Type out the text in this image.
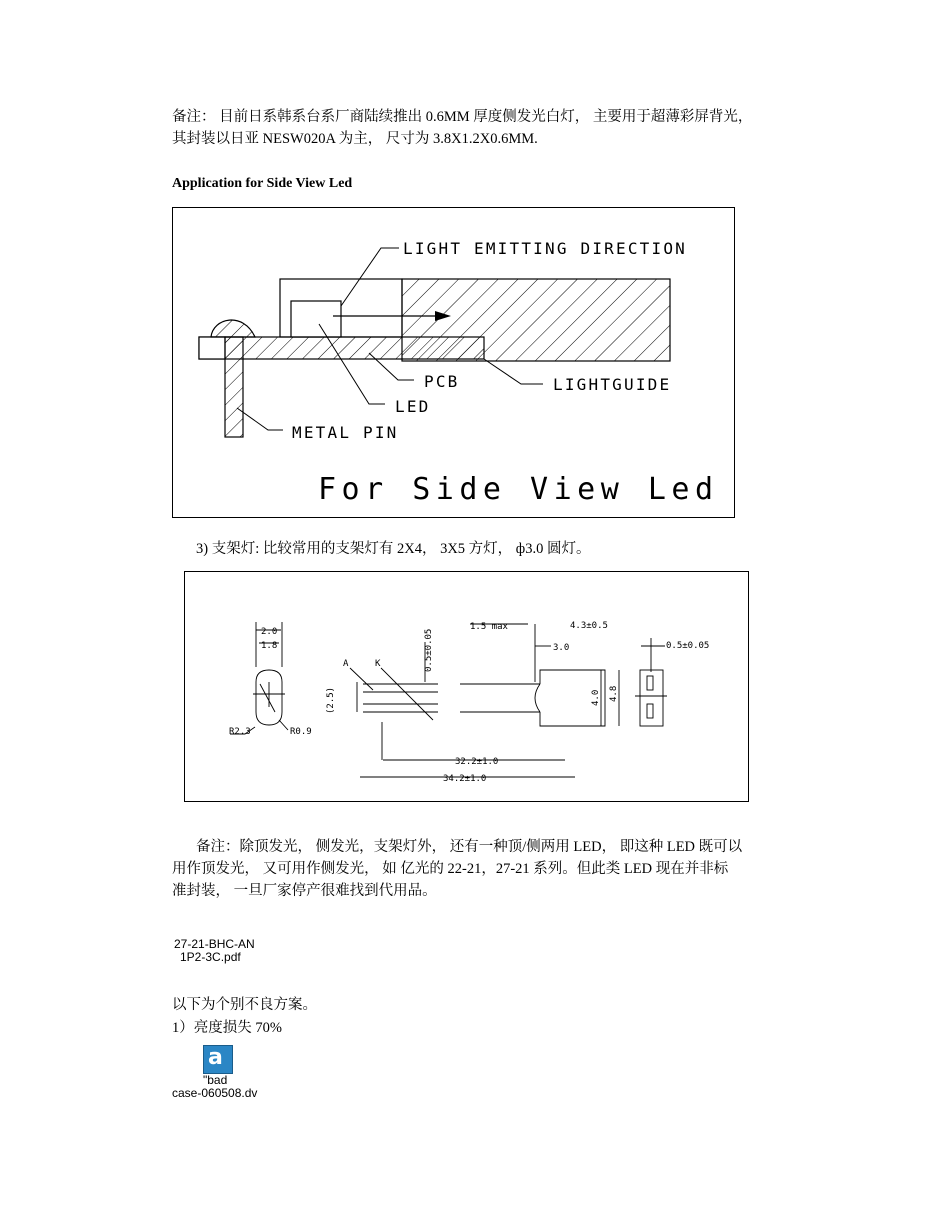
备注： 目前日系韩系台系厂商陆续推出 0.6MM 厚度侧发光白灯， 主要用于超薄彩屏背光，
其封装以日亚 NESW020A 为主， 尺寸为 3.8X1.2X0.6MM.
Application for Side View Led
LIGHT EMITTING DIRECTION
PCB	LIGHTGUIDE
LED
METAL PIN
For Side View Led
3) 支架灯: 比较常用的支架灯有 2X4， 3X5 方灯， ф3.0 圆灯。
2.0
1.8
R2.3	R0.9
A	K
(2.5)
0.5±0.05
1.5 max	4.3±0.5
3.0
4.0 4.8
0.5±0.05
32.2±1.0
34.2±1.0
备注：除顶发光， 侧发光，支架灯外， 还有一种顶/侧两用 LED， 即这种 LED 既可以
用作顶发光， 又可用作侧发光， 如 亿光的 22-21，27-21 系列。但此类 LED 现在并非标
准封装， 一旦厂家停产很难找到代用品。
27-21-BHC-AN
1P2-3C.pdf
以下为个别不良方案。
1）亮度损失 70%
a
"bad
case-060508.dv
